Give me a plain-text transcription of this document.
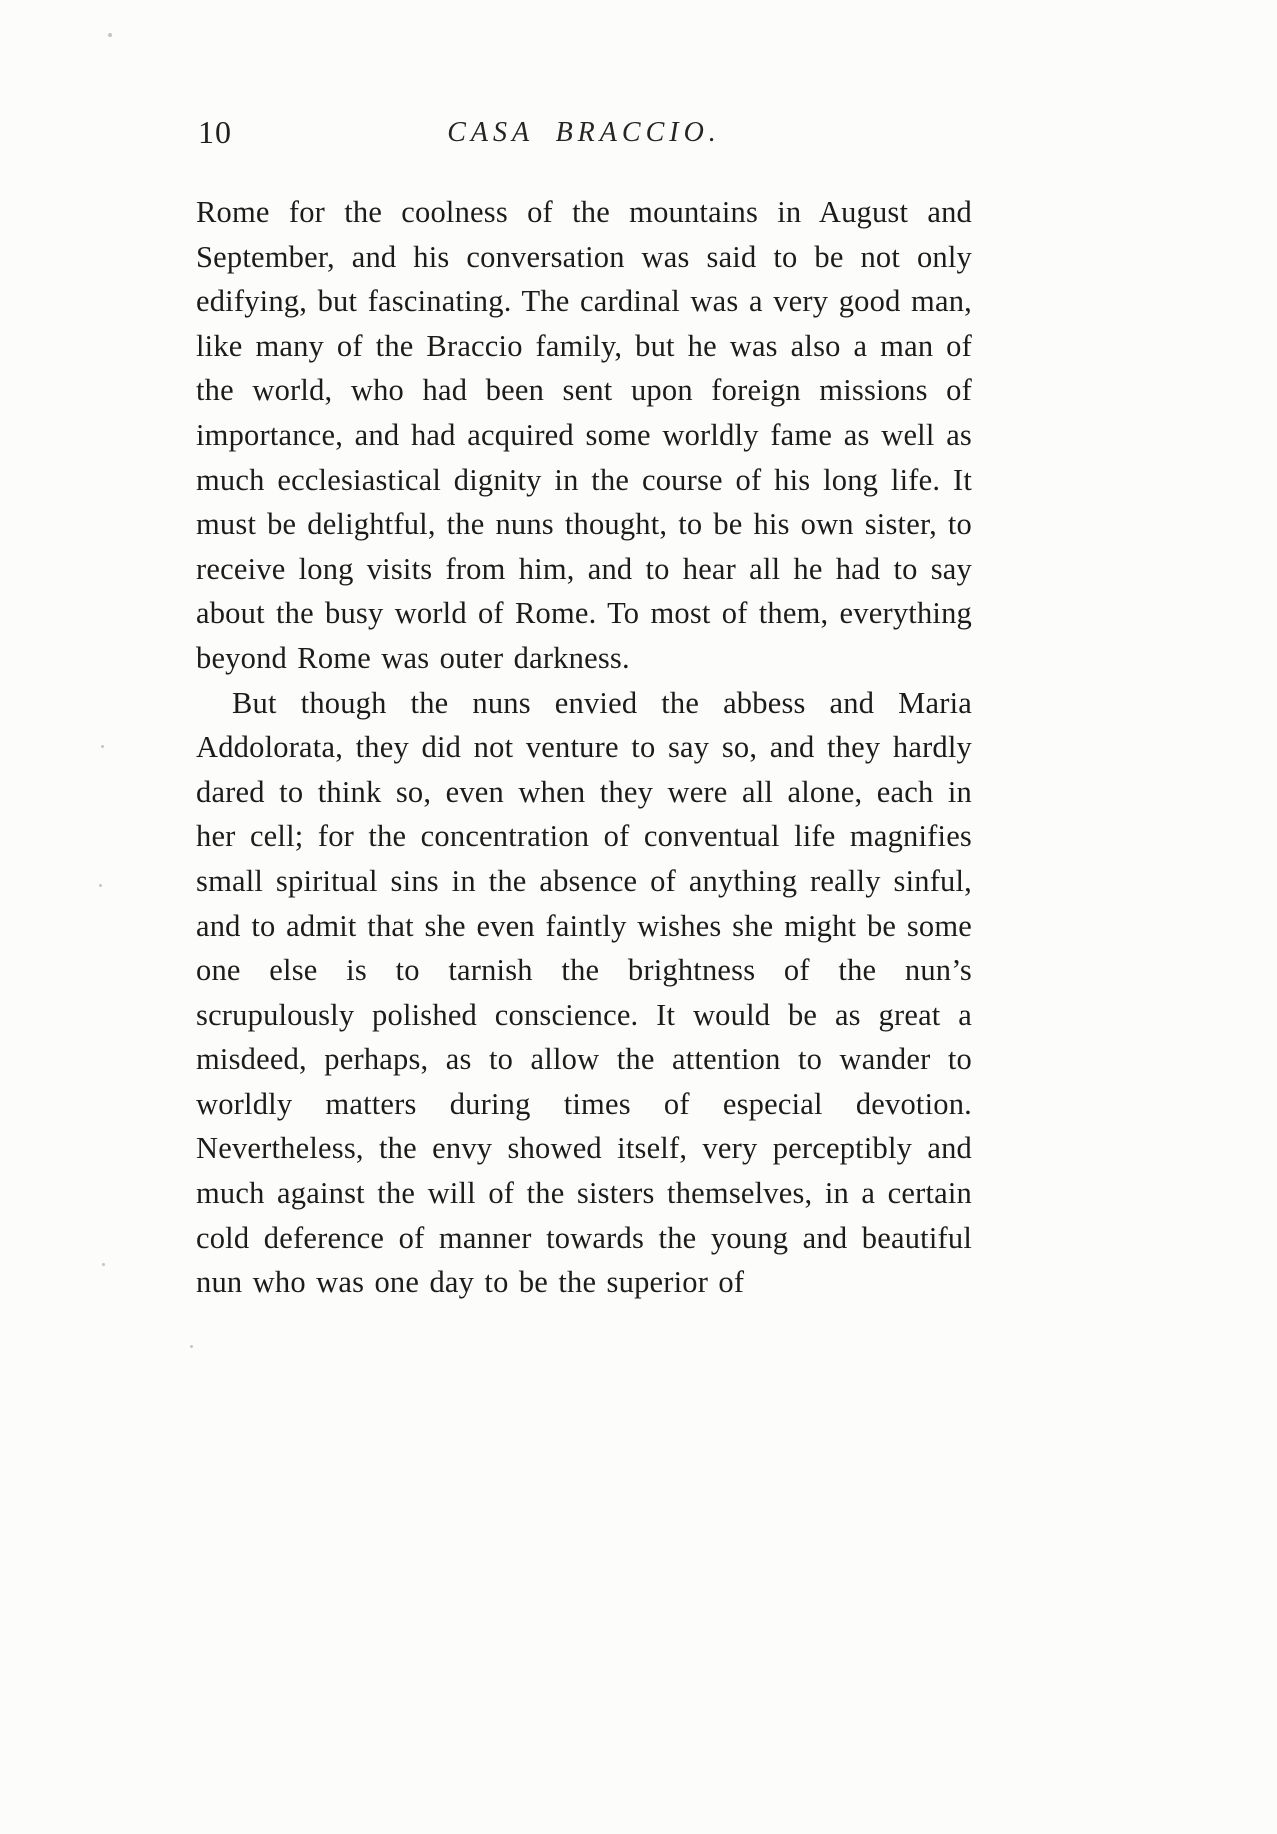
10	CASA BRACCIO.

Rome for the coolness of the mountains in August and September, and his conversation was said to be not only edifying, but fascinating. The cardinal was a very good man, like many of the Braccio family, but he was also a man of the world, who had been sent upon foreign missions of importance, and had acquired some worldly fame as well as much ecclesiastical dignity in the course of his long life. It must be delightful, the nuns thought, to be his own sister, to receive long visits from him, and to hear all he had to say about the busy world of Rome. To most of them, everything beyond Rome was outer darkness.

But though the nuns envied the abbess and Maria Addolorata, they did not venture to say so, and they hardly dared to think so, even when they were all alone, each in her cell; for the concentration of conventual life magnifies small spiritual sins in the absence of anything really sinful, and to admit that she even faintly wishes she might be some one else is to tarnish the brightness of the nun’s scrupulously polished conscience. It would be as great a misdeed, perhaps, as to allow the attention to wander to worldly matters during times of especial devotion. Nevertheless, the envy showed itself, very perceptibly and much against the will of the sisters themselves, in a certain cold deference of manner towards the young and beautiful nun who was one day to be the superior of
